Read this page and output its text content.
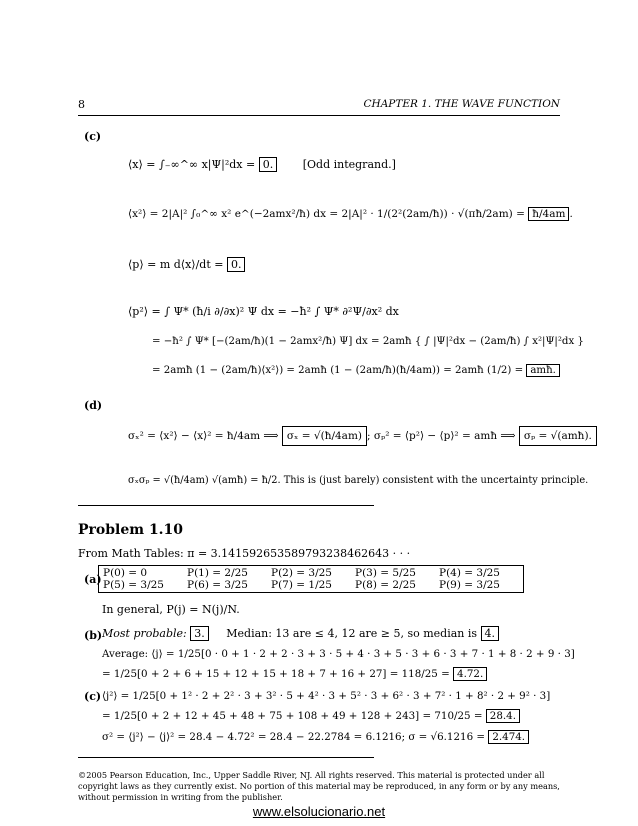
8	CHAPTER 1. THE WAVE FUNCTION
(c)
⟨x⟩ = ∫₋∞^∞ x|Ψ|²dx = 0.	[Odd integrand.]
⟨x²⟩ = 2|A|² ∫₀^∞ x² e^(−2amx²/ħ) dx = 2|A|² · 1/(2²(2am/ħ)) · √(πħ/2am) = ħ/4am .
⟨p⟩ = m d⟨x⟩/dt = 0.
⟨p²⟩ = ∫ Ψ* (ħ/i ∂/∂x)² Ψ dx = −ħ² ∫ Ψ* ∂²Ψ/∂x² dx
= −ħ² ∫ Ψ* [−(2am/ħ)(1 − 2amx²/ħ) Ψ] dx = 2amħ { ∫ |Ψ|²dx − (2am/ħ) ∫ x²|Ψ|²dx }
= 2amħ (1 − (2am/ħ)⟨x²⟩) = 2amħ (1 − (2am/ħ)(ħ/4am)) = 2amħ (1/2) = amħ.
(d)
σₓ² = ⟨x²⟩ − ⟨x⟩² = ħ/4am ⟹ σₓ = √(ħ/4am) ; σₚ² = ⟨p²⟩ − ⟨p⟩² = amħ ⟹ σₚ = √(amħ).
σₓσₚ = √(ħ/4am) √(amħ) = ħ/2. This is (just barely) consistent with the uncertainty principle.
Problem 1.10
From Math Tables: π = 3.141592653589793238462643 · · ·
(a) P(0) = 0	P(1) = 2/25 P(2) = 3/25 P(3) = 5/25 P(4) = 3/25
P(5) = 3/25 P(6) = 3/25 P(7) = 1/25 P(8) = 2/25 P(9) = 3/25
In general, P(j) = N(j)/N.
(b) Most probable: 3. Median: 13 are ≤ 4, 12 are ≥ 5, so median is 4.
Average: ⟨j⟩ = 1/25[0 · 0 + 1 · 2 + 2 · 3 + 3 · 5 + 4 · 3 + 5 · 3 + 6 · 3 + 7 · 1 + 8 · 2 + 9 · 3]
= 1/25[0 + 2 + 6 + 15 + 12 + 15 + 18 + 7 + 16 + 27] = 118/25 = 4.72.
(c) ⟨j²⟩ = 1/25[0 + 1² · 2 + 2² · 3 + 3² · 5 + 4² · 3 + 5² · 3 + 6² · 3 + 7² · 1 + 8² · 2 + 9² · 3]
= 1/25[0 + 2 + 12 + 45 + 48 + 75 + 108 + 49 + 128 + 243] = 710/25 = 28.4.
σ² = ⟨j²⟩ − ⟨j⟩² = 28.4 − 4.72² = 28.4 − 22.2784 = 6.1216; σ = √6.1216 = 2.474.
©2005 Pearson Education, Inc., Upper Saddle River, NJ. All rights reserved. This material is protected under all copyright laws as they currently exist. No portion of this material may be reproduced, in any form or by any means, without permission in writing from the publisher.
www.elsolucionario.net
